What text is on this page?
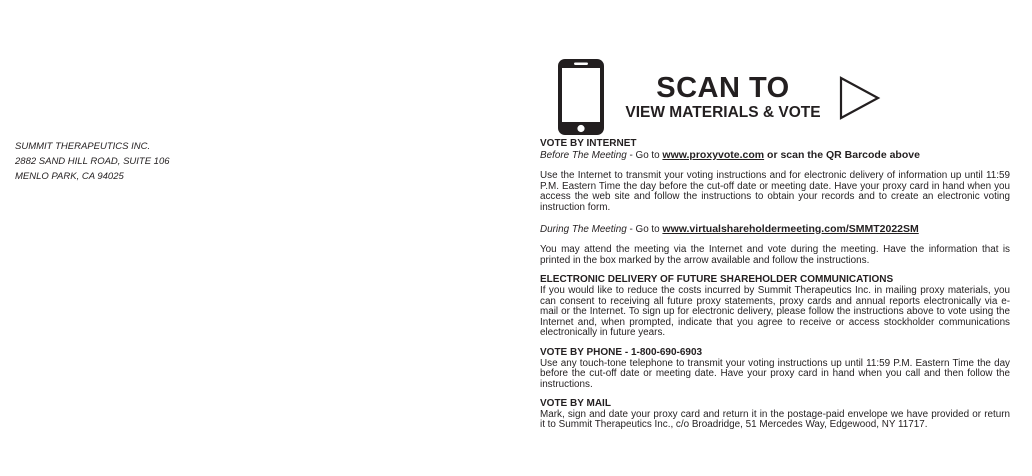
SUMMIT THERAPEUTICS INC.
2882 SAND HILL ROAD, SUITE 106
MENLO PARK, CA 94025
SCAN TO
VIEW MATERIALS & VOTE
VOTE BY INTERNET

Before The Meeting - Go to www.proxyvote.com or scan the QR Barcode above

Use the Internet to transmit your voting instructions and for electronic delivery of information up until 11:59 P.M. Eastern Time the day before the cut-off date or meeting date. Have your proxy card in hand when you access the web site and follow the instructions to obtain your records and to create an electronic voting instruction form.

During The Meeting - Go to www.virtualshareholdermeeting.com/SMMT2022SM

You may attend the meeting via the Internet and vote during the meeting. Have the information that is printed in the box marked by the arrow available and follow the instructions.

ELECTRONIC DELIVERY OF FUTURE SHAREHOLDER COMMUNICATIONS

If you would like to reduce the costs incurred by Summit Therapeutics Inc. in mailing proxy materials, you can consent to receiving all future proxy statements, proxy cards and annual reports electronically via e-mail or the Internet. To sign up for electronic delivery, please follow the instructions above to vote using the Internet and, when prompted, indicate that you agree to receive or access stockholder communications electronically in future years.

VOTE BY PHONE - 1-800-690-6903

Use any touch-tone telephone to transmit your voting instructions up until 11:59 P.M. Eastern Time the day before the cut-off date or meeting date. Have your proxy card in hand when you call and then follow the instructions.

VOTE BY MAIL

Mark, sign and date your proxy card and return it in the postage-paid envelope we have provided or return it to Summit Therapeutics Inc., c/o Broadridge, 51 Mercedes Way, Edgewood, NY 11717.
